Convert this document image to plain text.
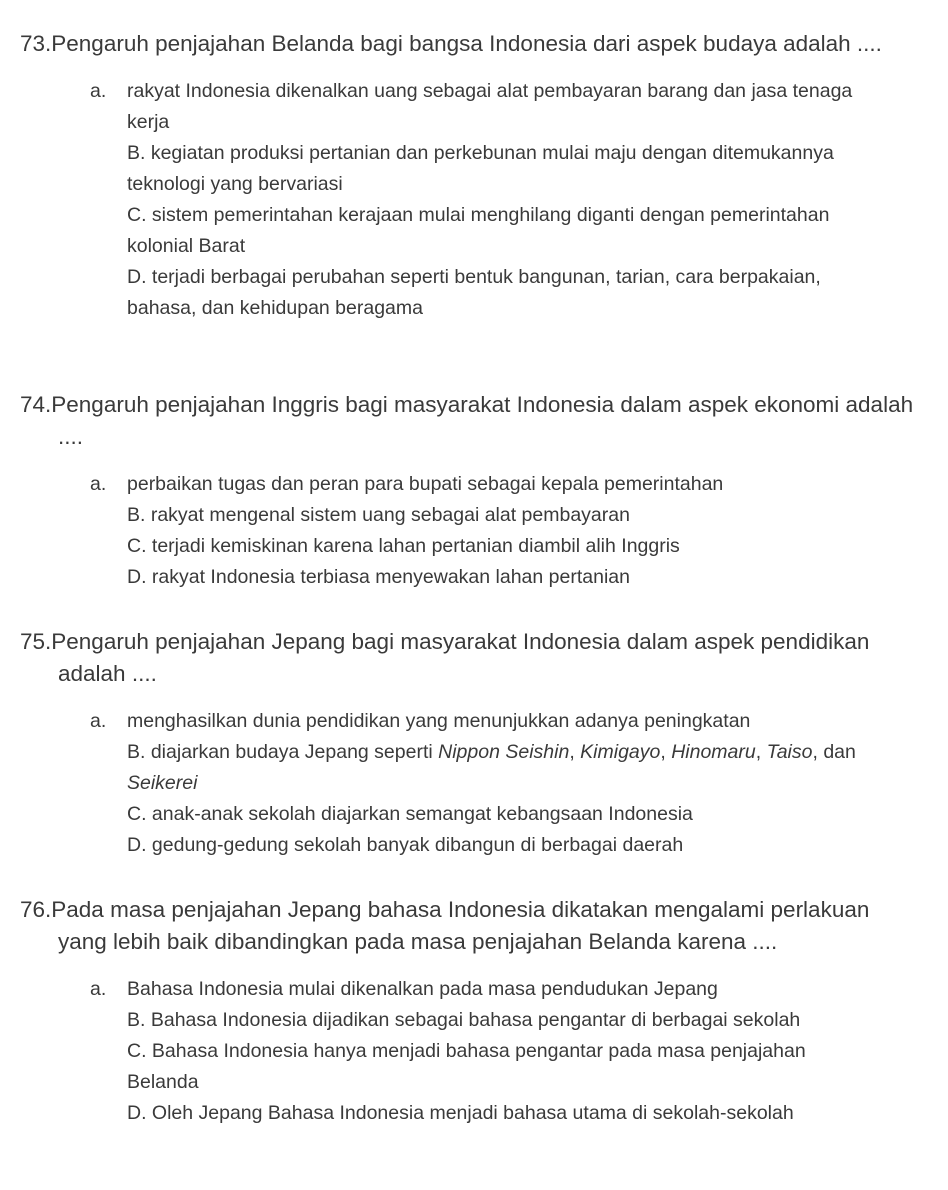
73.Pengaruh penjajahan Belanda bagi bangsa Indonesia dari aspek budaya adalah ....

a. rakyat Indonesia dikenalkan uang sebagai alat pembayaran barang dan jasa tenaga kerja

B. kegiatan produksi pertanian dan perkebunan mulai maju dengan ditemukannya teknologi yang bervariasi

C. sistem pemerintahan kerajaan mulai menghilang diganti dengan pemerintahan kolonial Barat

D. terjadi berbagai perubahan seperti bentuk bangunan, tarian, cara berpakaian, bahasa, dan kehidupan beragama

74.Pengaruh penjajahan Inggris bagi masyarakat Indonesia dalam aspek ekonomi adalah ....

a. perbaikan tugas dan peran para bupati sebagai kepala pemerintahan

B. rakyat mengenal sistem uang sebagai alat pembayaran

C. terjadi kemiskinan karena lahan pertanian diambil alih Inggris

D. rakyat Indonesia terbiasa menyewakan lahan pertanian

75.Pengaruh penjajahan Jepang bagi masyarakat Indonesia dalam aspek pendidikan adalah ....

a. menghasilkan dunia pendidikan yang menunjukkan adanya peningkatan

B. diajarkan budaya Jepang seperti Nippon Seishin, Kimigayo, Hinomaru, Taiso, dan Seikerei

C. anak-anak sekolah diajarkan semangat kebangsaan Indonesia

D. gedung-gedung sekolah banyak dibangun di berbagai daerah

76.Pada masa penjajahan Jepang bahasa Indonesia dikatakan mengalami perlakuan yang lebih baik dibandingkan pada masa penjajahan Belanda karena ....

a. Bahasa Indonesia mulai dikenalkan pada masa pendudukan Jepang

B. Bahasa Indonesia dijadikan sebagai bahasa pengantar di berbagai sekolah

C. Bahasa Indonesia hanya menjadi bahasa pengantar pada masa penjajahan Belanda

D. Oleh Jepang Bahasa Indonesia menjadi bahasa utama di sekolah-sekolah
